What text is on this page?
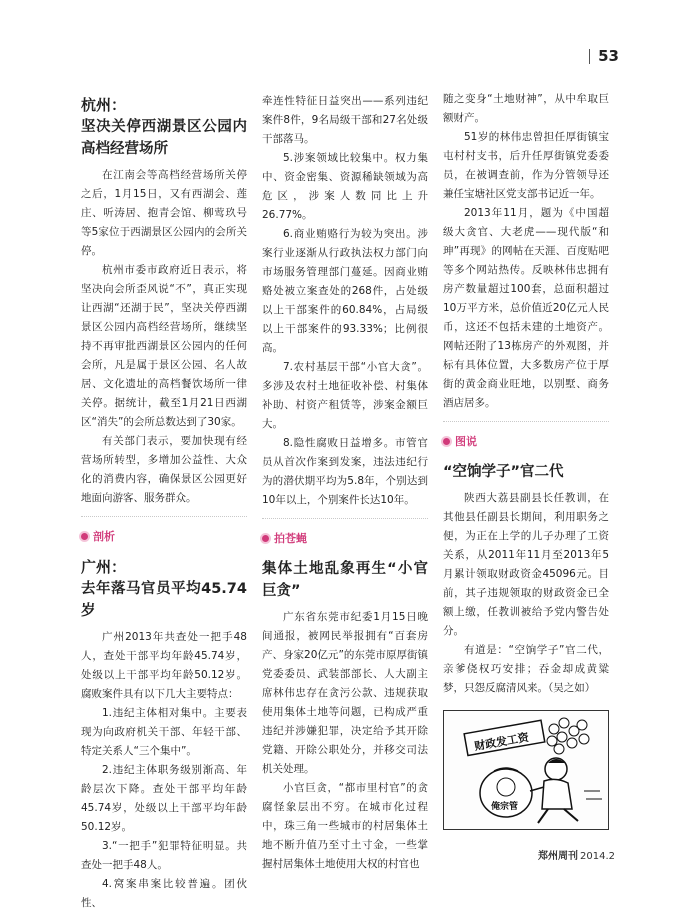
53
杭州：
坚决关停西湖景区公园内高档经营场所

在江南会等高档经营场所关停之后，1月15日，又有西湖会、莲庄、听涛居、抱青会馆、柳莺玖号等5家位于西湖景区公园内的会所关停。

杭州市委市政府近日表示，将坚决向会所歪风说“不”，真正实现让西湖“还湖于民”，坚决关停西湖景区公园内高档经营场所，继续坚持不再审批西湖景区公园内的任何会所，凡是属于景区公园、名人故居、文化遗址的高档餐饮场所一律关停。据统计，截至1月21日西湖区“消失”的会所总数达到了30家。

有关部门表示，要加快现有经营场所转型，多增加公益性、大众化的消费内容，确保景区公园更好地面向游客、服务群众。

剖析
广州：
去年落马官员平均45.74岁

广州2013年共查处一把手48人，查处干部平均年龄45.74岁，处级以上干部平均年龄50.12岁。腐败案件具有以下几大主要特点：

1.违纪主体相对集中。主要表现为向政府机关干部、年轻干部、特定关系人“三个集中”。

2.违纪主体职务级别渐高、年龄层次下降。查处干部平均年龄45.74岁，处级以上干部平均年龄50.12岁。

3.“一把手”犯罪特征明显。共查处一把手48人。

4.窝案串案比较普遍。团伙性、

牵连性特征日益突出——系列违纪案件8件，9名局级干部和27名处级干部落马。

5.涉案领域比较集中。权力集中、资金密集、资源稀缺领域为高危区，涉案人数同比上升26.77%。

6.商业贿赂行为较为突出。涉案行业逐渐从行政执法权力部门向市场服务管理部门蔓延。因商业贿赂处被立案查处的268件，占处级以上干部案件的60.84%，占局级以上干部案件的93.33%；比例很高。

7.农村基层干部“小官大贪”。多涉及农村土地征收补偿、村集体补助、村资产租赁等，涉案金额巨大。

8.隐性腐败日益增多。市管官员从首次作案到发案，违法违纪行为的潜伏期平均为5.8年，个别达到10年以上，个别案件长达10年。

拍苍蝇
集体土地乱象再生“小官巨贪”

广东省东莞市纪委1月15日晚间通报，被网民举报拥有“百套房产、身家20亿元”的东莞市原厚街镇党委委员、武装部部长、人大副主席林伟忠存在贪污公款、违规获取使用集体土地等问题，已构成严重违纪并涉嫌犯罪，决定给予其开除党籍、开除公职处分，并移交司法机关处理。

小官巨贪，“都市里村官”的贪腐怪象层出不穷。在城市化过程中，珠三角一些城市的村居集体土地不断升值乃至寸土寸金，一些掌握村居集体土地使用大权的村官也

随之变身“土地财神”，从中牟取巨额财产。

51岁的林伟忠曾担任厚街镇宝屯村村支书，后升任厚街镇党委委员，在被调查前，作为分管领导还兼任宝塘社区党支部书记近一年。

2013年11月，题为《中国超级大贪官、大老虎——现代版“和珅”再现》的网帖在天涯、百度贴吧等多个网站热传。反映林伟忠拥有房产数量超过100套，总面积超过10万平方米，总价值近20亿元人民币，这还不包括未建的土地资产。网帖还附了13栋房产的外观图，并标有具体位置，大多数房产位于厚街的黄金商业旺地，以别墅、商务酒店居多。

图说
“空饷学子”官二代

陕西大荔县副县长任教训，在其他县任副县长期间，利用职务之便，为正在上学的儿子办理了工资关系，从2011年11月至2013年5月累计领取财政资金45096元。目前，其子违规领取的财政资金已全额上缴，任教训被给予党内警告处分。

有道是：“空饷学子”官二代，亲爹侥权巧安排；吞金却成黄粱梦，只怨反腐清风来。（吴之如）

财政发工资
俺宗管
郑州周刊 2014.2
